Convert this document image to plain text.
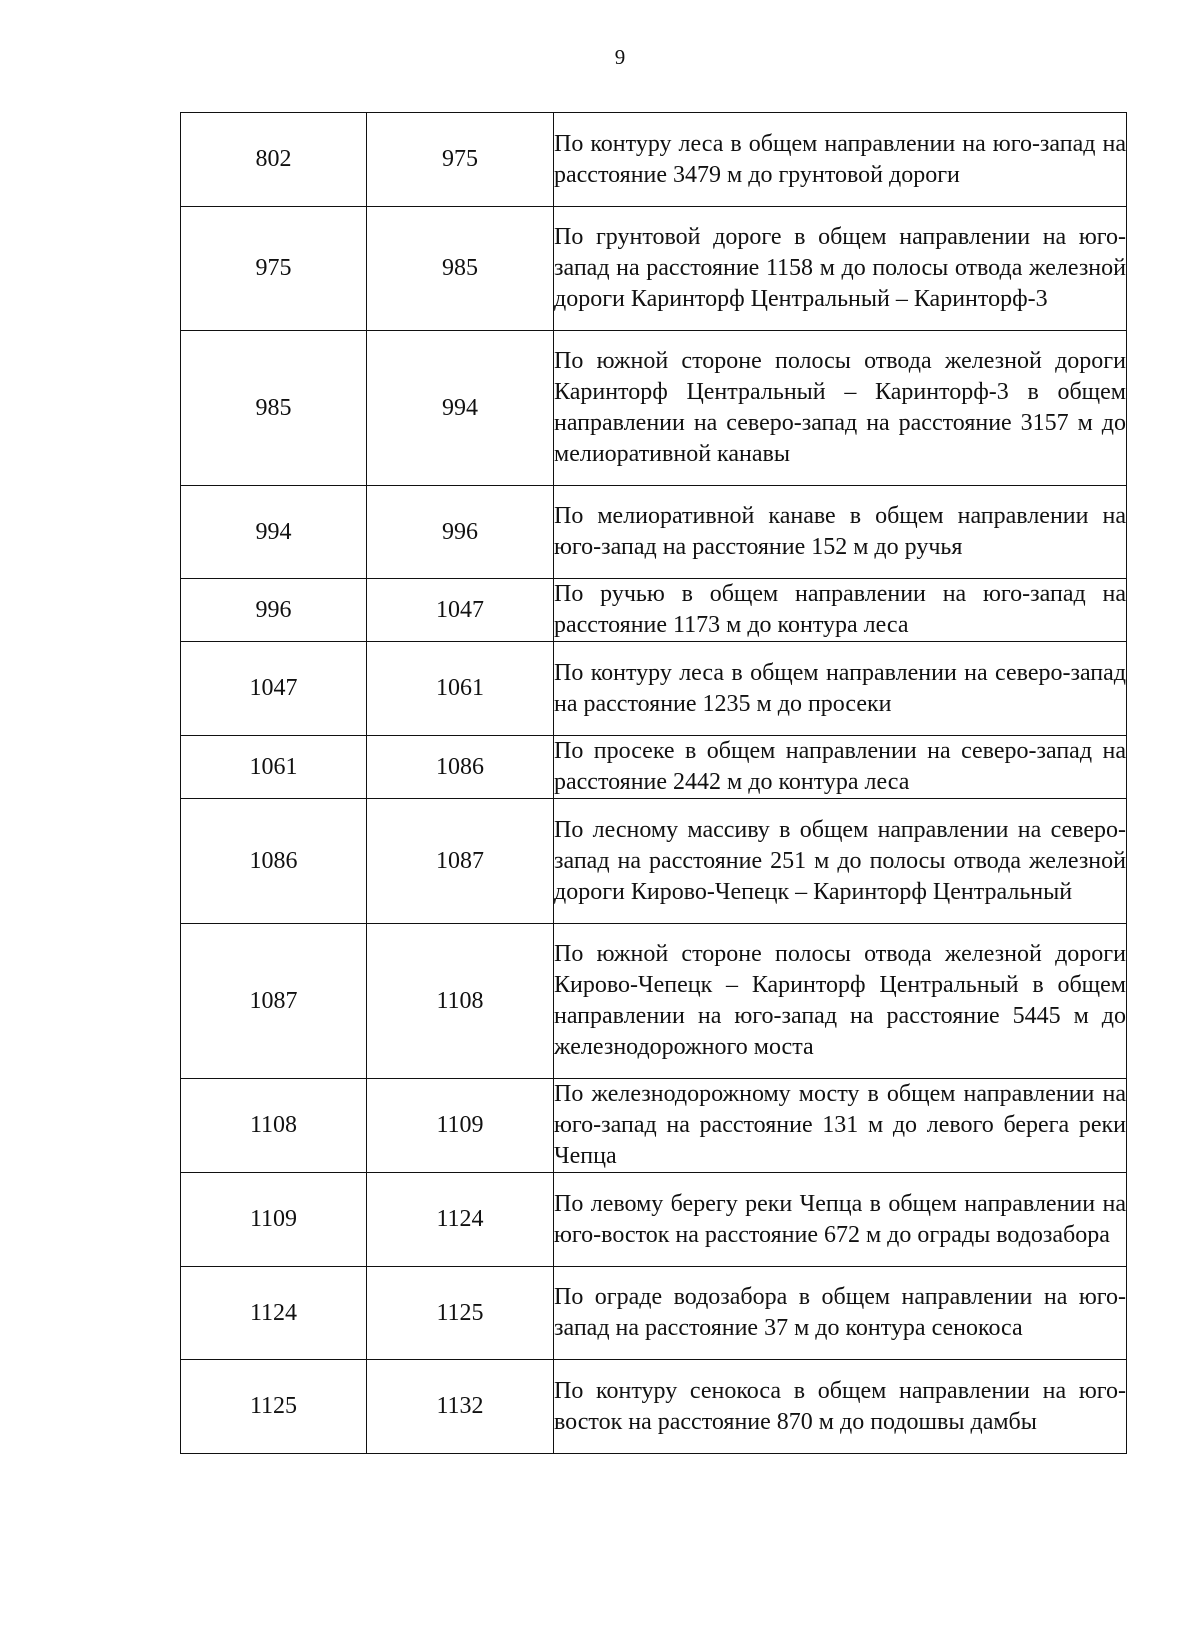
9
802	975	По контуру леса в общем направлении на юго-запад на расстояние 3479 м до грунтовой дороги
975	985	По грунтовой дороге в общем направлении на юго-запад на расстояние 1158 м до полосы отвода железной дороги Каринторф Центральный – Каринторф-3
985	994	По южной стороне полосы отвода железной дороги Каринторф Центральный – Каринторф-3 в общем направлении на северо-запад на расстояние 3157 м до мелиоративной канавы
994	996	По мелиоративной канаве в общем направлении на юго-запад на расстояние 152 м до ручья
996	1047	По ручью в общем направлении на юго-запад на расстояние 1173 м до контура леса
1047	1061	По контуру леса в общем направлении на северо-запад на расстояние 1235 м до просеки
1061	1086	По просеке в общем направлении на северо-запад на расстояние 2442 м до контура леса
1086	1087	По лесному массиву в общем направлении на северо-запад на расстояние 251 м до полосы отвода железной дороги Кирово-Чепецк – Каринторф Центральный
1087	1108	По южной стороне полосы отвода железной дороги Кирово-Чепецк – Каринторф Центральный в общем направлении на юго-запад на расстояние 5445 м до железнодорожного моста
1108	1109	По железнодорожному мосту в общем направлении на юго-запад на расстояние 131 м до левого берега реки Чепца
1109	1124	По левому берегу реки Чепца в общем направлении на юго-восток на расстояние 672 м до ограды водозабора
1124	1125	По ограде водозабора в общем направлении на юго-запад на расстояние 37 м до контура сенокоса
1125	1132	По контуру сенокоса в общем направлении на юго-восток на расстояние 870 м до подошвы дамбы
